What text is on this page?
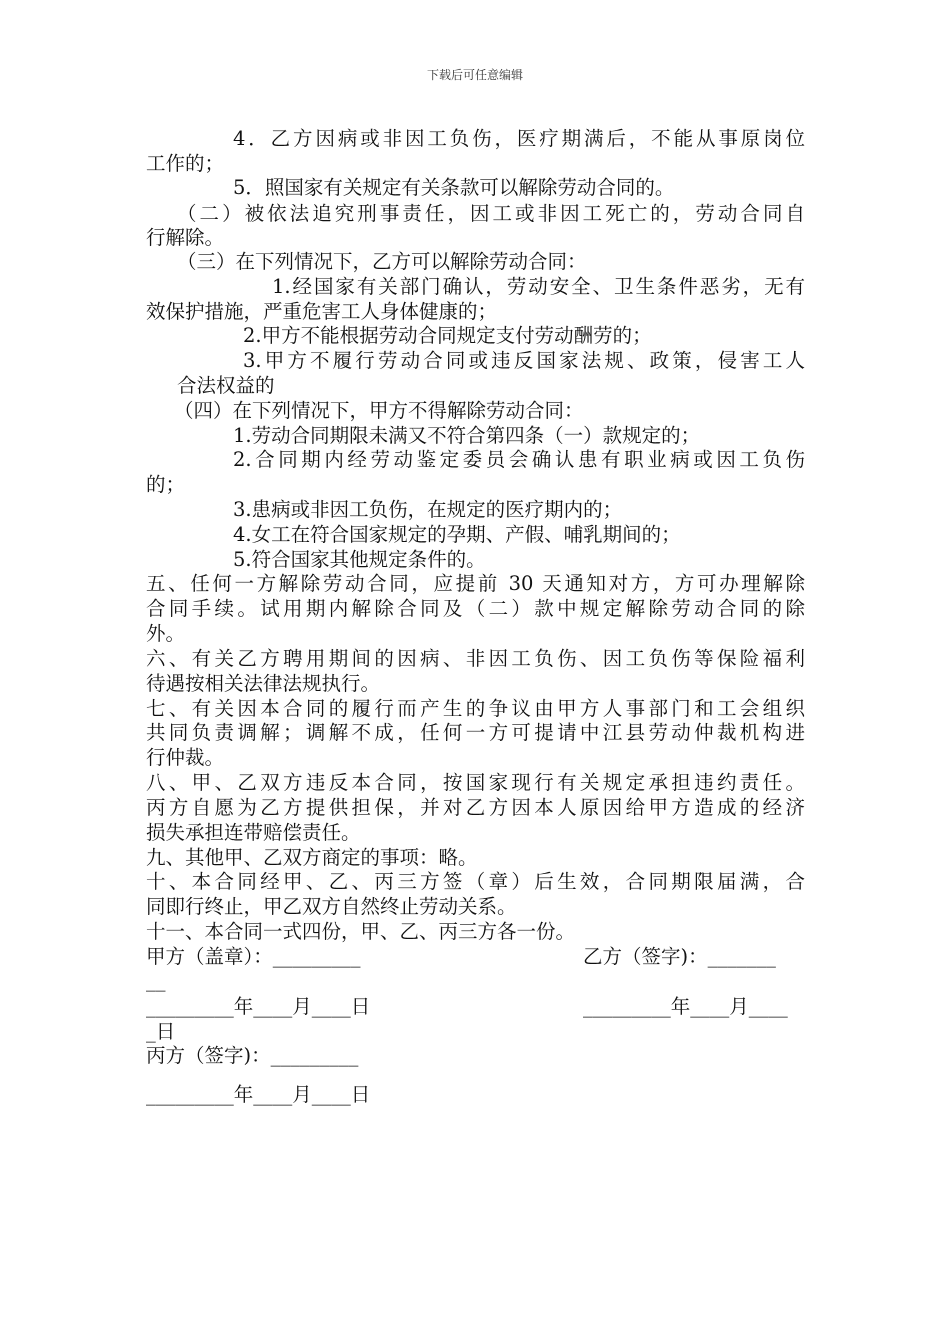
下载后可任意编辑
4．乙方因病或非因工负伤，医疗期满后，不能从事原岗位
工作的；
5．照国家有关规定有关条款可以解除劳动合同的。
（二）被依法追究刑事责任，因工或非因工死亡的，劳动合同自
行解除。
（三）在下列情况下，乙方可以解除劳动合同：
1.经国家有关部门确认，劳动安全、卫生条件恶劣，无有
效保护措施，严重危害工人身体健康的；
2.甲方不能根据劳动合同规定支付劳动酬劳的；
3.甲方不履行劳动合同或违反国家法规、政策，侵害工人
合法权益的
（四）在下列情况下，甲方不得解除劳动合同：
1.劳动合同期限未满又不符合第四条（一）款规定的；
2.合同期内经劳动鉴定委员会确认患有职业病或因工负伤
的；
3.患病或非因工负伤，在规定的医疗期内的；
4.女工在符合国家规定的孕期、产假、哺乳期间的；
5.符合国家其他规定条件的。
五、任何一方解除劳动合同，应提前 30 天通知对方，方可办理解除
合同手续。试用期内解除合同及（二）款中规定解除劳动合同的除
外。
六、有关乙方聘用期间的因病、非因工负伤、因工负伤等保险福利
待遇按相关法律法规执行。
七、有关因本合同的履行而产生的争议由甲方人事部门和工会组织
共同负责调解；调解不成，任何一方可提请中江县劳动仲裁机构进
行仲裁。
八、甲、乙双方违反本合同，按国家现行有关规定承担违约责任。
丙方自愿为乙方提供担保，并对乙方因本人原因给甲方造成的经济
损失承担连带赔偿责任。
九、其他甲、乙双方商定的事项：略。
十、本合同经甲、乙、丙三方签（章）后生效，合同期限届满，合
同即行终止，甲乙双方自然终止劳动关系。
十一、本合同一式四份，甲、乙、丙三方各一份。
甲方（盖章）：_________	乙方（签字)：_______
__
_________年____月____日	_________年____月____
_日
丙方（签字)：_________
_________年____月____日
